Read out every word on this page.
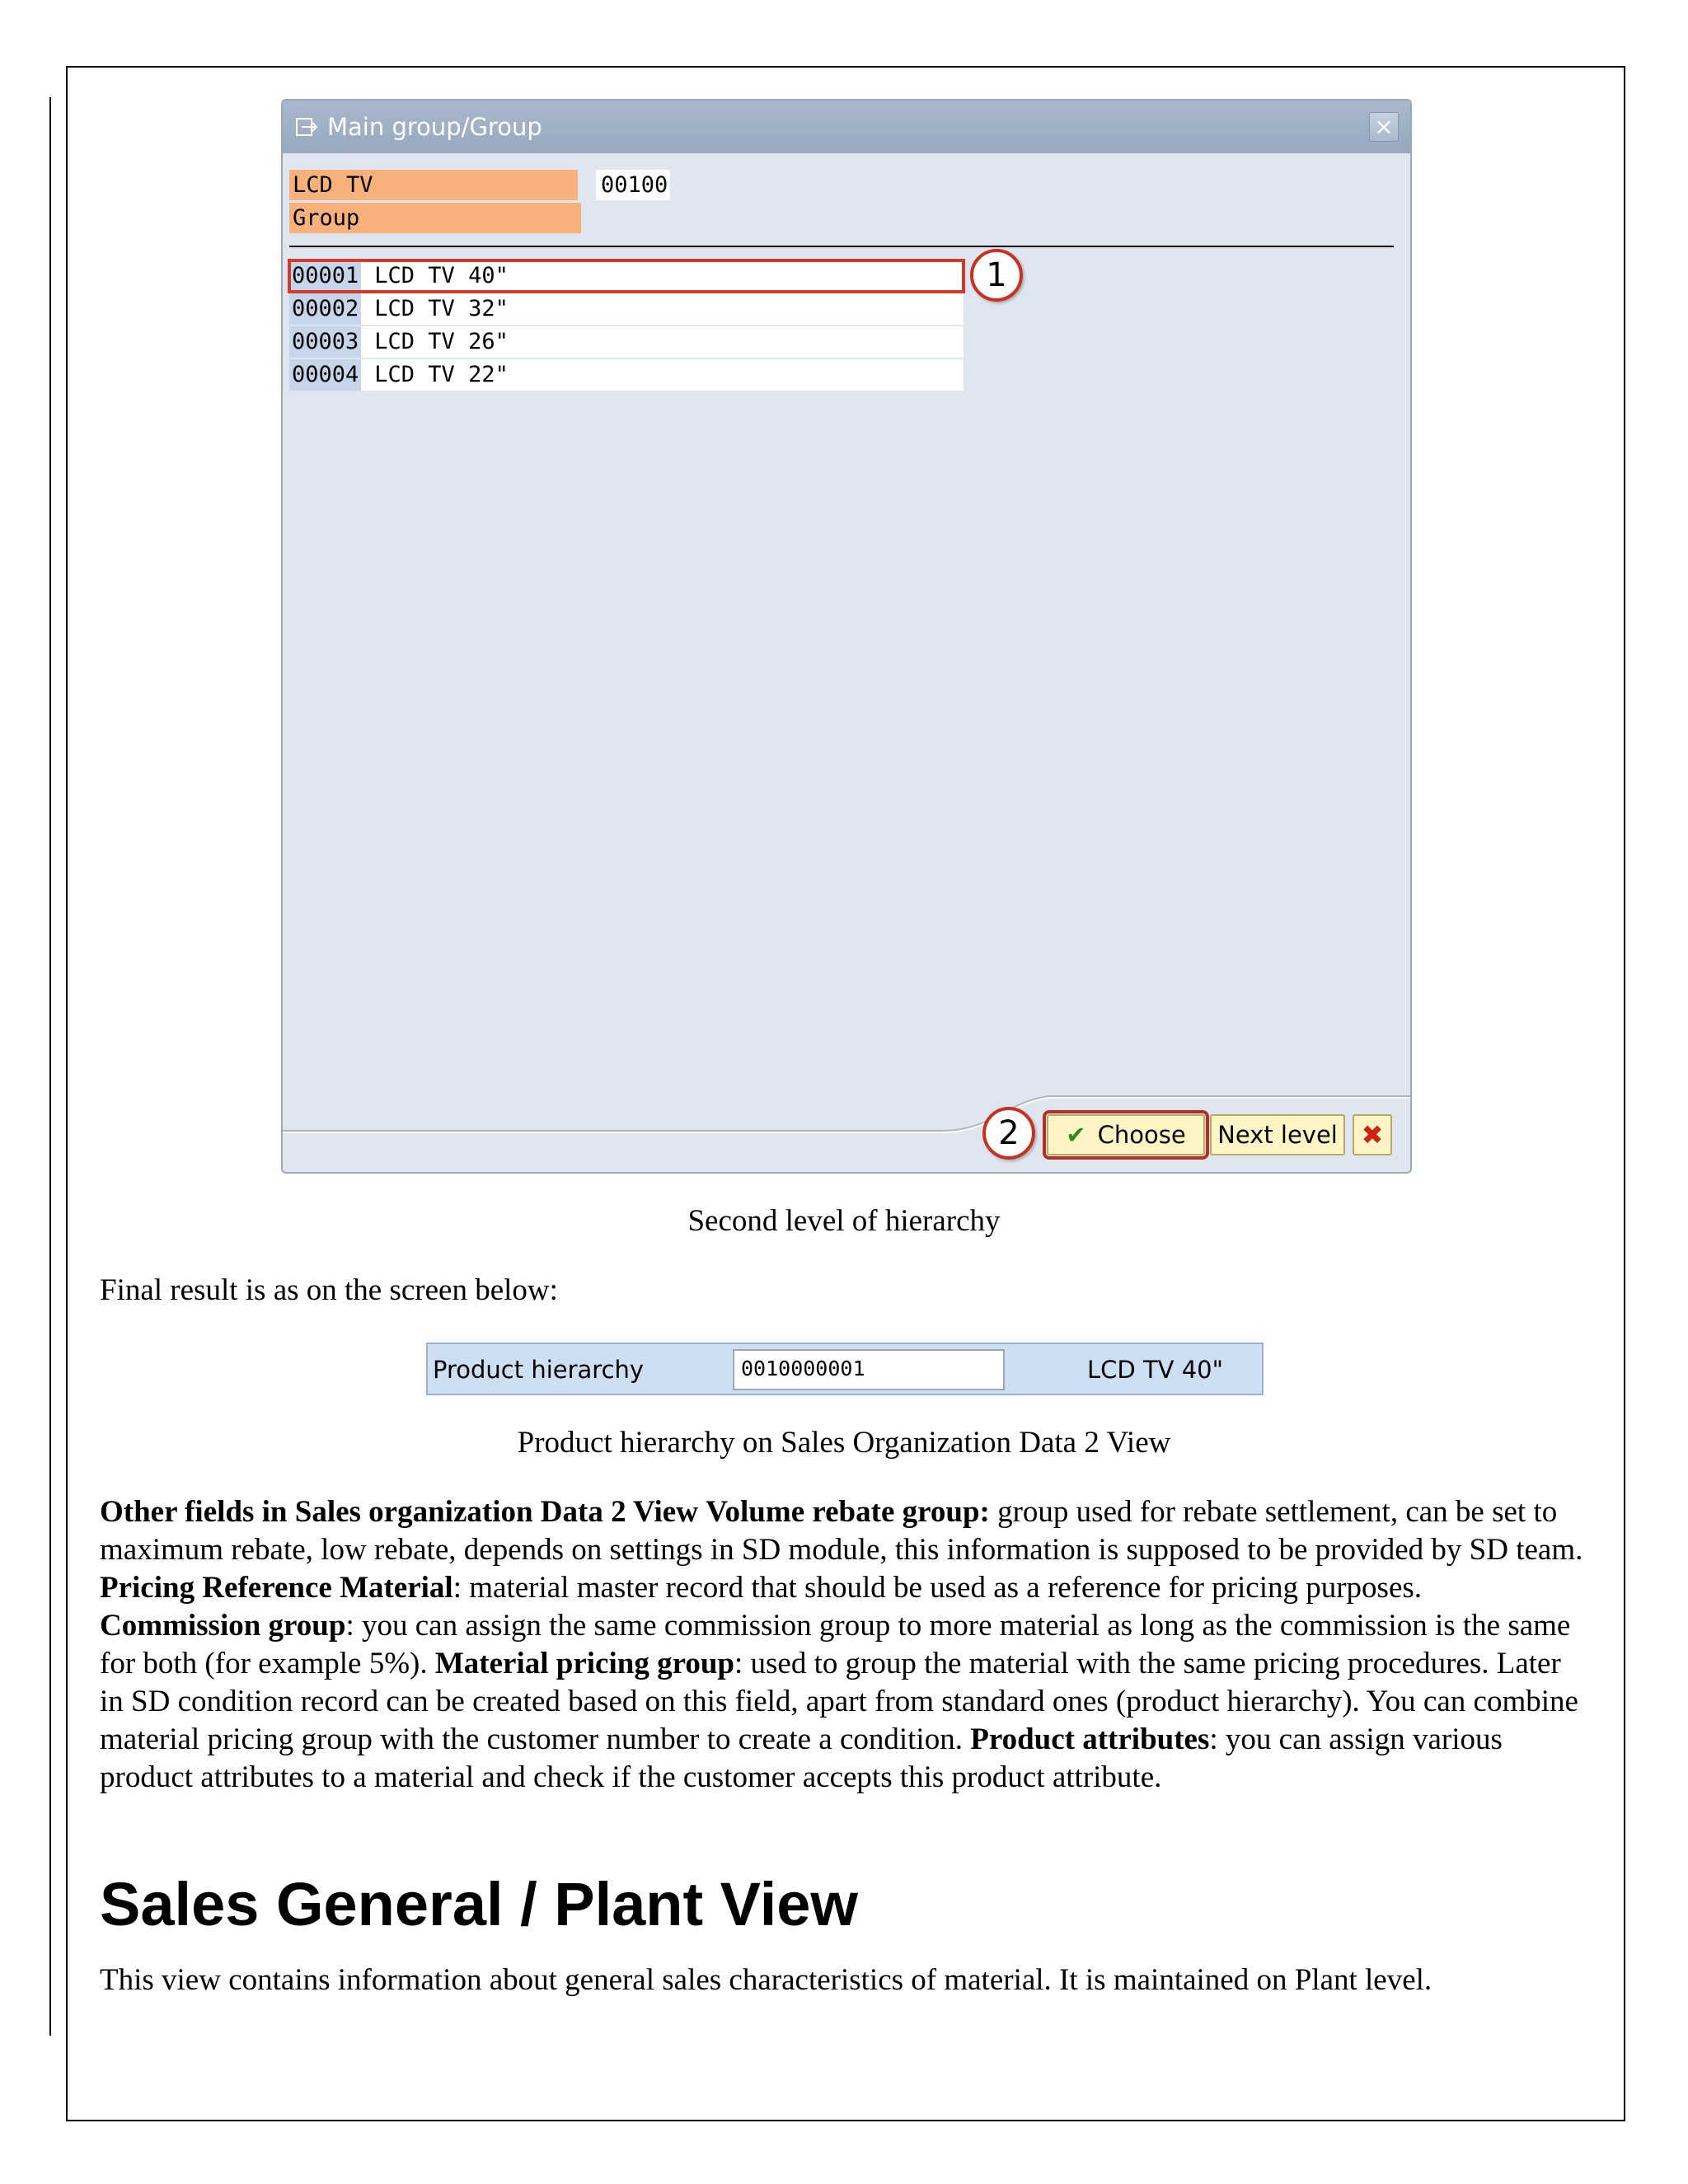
Main group/Group	×
LCD TV	00100
Group
00001 LCD TV 40"
00002 LCD TV 32"
00003 LCD TV 26"
00004 LCD TV 22"
1
2	✔ Choose	Next level ✖
Second level of hierarchy
Final result is as on the screen below:
Product hierarchy	0010000001	LCD TV 40"
Product hierarchy on Sales Organization Data 2 View
Other fields in Sales organization Data 2 View Volume rebate group: group used for rebate settlement, can be set to maximum rebate, low rebate, depends on settings in SD module, this information is supposed to be provided by SD team. Pricing Reference Material: material master record that should be used as a reference for pricing purposes. Commission group: you can assign the same commission group to more material as long as the commission is the same for both (for example 5%). Material pricing group: used to group the material with the same pricing procedures. Later in SD condition record can be created based on this field, apart from standard ones (product hierarchy). You can combine material pricing group with the customer number to create a condition. Product attributes: you can assign various product attributes to a material and check if the customer accepts this product attribute.
Sales General / Plant View
This view contains information about general sales characteristics of material. It is maintained on Plant level.
